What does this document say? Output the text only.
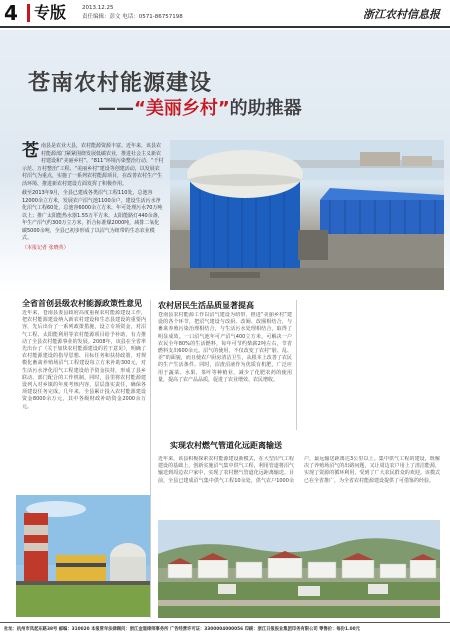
4	专版	2013.12.25
责任编辑：彭文 电话：0571-86757198	浙江农村信息报
苍南农村能源建设
——“美丽乡村”的助推器
苍 南县是农业大县，农村能源资源丰富。近年来，该县农村能源部门紧紧围绕发展低碳农业，推进社会主义新农村建设和“美丽乡村”、“811”环境污染整治行动、“千村示范、万村整治”工程、“美丽乡村”建设等创建活动，以发展农村沼气为重点，实施了一系列农村能源项目，在改善农村生产生活环境、推进新农村建设方面发挥了积极作用。

截至2013年9月，全县已建成各类沼气工程110处，总池容12000余立方米，发展农户沼气池1100余户，建设生活污水净化沼气工程60处，总池容6000余立方米，年可处理污水70万吨以上；推广太阳能热水器1.55万平方米，太阳能路灯440余盏，年生产沼气约300万立方米，折合标准煤2000吨，减排二氧化碳5000余吨，全县已初步形成了以沼气为纽带的生态农业模式。

（本报记者 张晓英）

全省首创县级农村能源政策性意见
近年来，苍南县委县政府高度重视农村能源建设工作，把农村能源建设纳入新农村建设和生态县建设的重要内容，先后出台了一系列政策措施，设立专项资金，对沼气工程、太阳能利用等农村能源项目给予补助，有力推动了全县农村能源事业的发展。2008年，该县在全省率先出台了《关于加快农村能源建设的若干意见》，明确了农村能源建设的指导思想、目标任务和扶持政策，对规模化畜禽养殖场沼气工程建设每立方米补助300元，对生活污水净化沼气工程建设给予资金扶持，形成了县乡联动、部门配合的工作机制。同时，县里将农村能源建设列入对乡镇的年度考核内容，层层落实责任，确保各项建设任务完成。几年来，全县累计投入农村能源建设资金8000余万元，其中各级财政补助资金2000余万元。
农村居民生活品质显著提高
苍南县农村能源工作以沼气建设为纽带，推进“美丽乡村”建设的各个环节，把沼气建设与改厨、改厕、改圈相结合，与畜禽养殖污染治理相结合，与生活污水处理相结合，取得了明显成效。一口沼气池年可产沼气400立方米，可解决一户农民全年80%的生活燃料，每年可节约柴薪2吨左右，节省燃料支出600余元。沼气的使用，不仅改变了农村“脏、乱、差”的面貌，而且使农户厨房清洁卫生，从根本上改善了农民的生产生活条件。同时，沼渣沼液作为优质有机肥，广泛应用于蔬菜、水果、茶叶等种植业，减少了化肥农药的使用量，提高了农产品品质，促进了农业增效、农民增收。
实现农村燃气管道化远距离输送
近年来，该县积极探索农村能源建设新模式，在大型沼气工程建设的基础上，创新实施沼气集中供气工程，利用管道将沼气输送到周边农户家中，实现了农村燃气管道化远距离输送。目前，全县已建成沼气集中供气工程10余处，供气农户1000余户，最远输送距离达3公里以上。集中供气工程的建设，既解决了养殖场沼气的出路问题，又让周边农户用上了清洁能源，实现了资源的循环利用，受到了广大农民群众的欢迎。该模式已在全省推广，为全省农村能源建设提供了可借鉴的经验。
社址：杭州市凤起东路38号 邮编：310020 本报常年法律顾问：浙江金道律师事务所 广告经营许可证：3300004000056 印刷：浙江日报报业集团印务有限公司 零售价：每份1.00元
